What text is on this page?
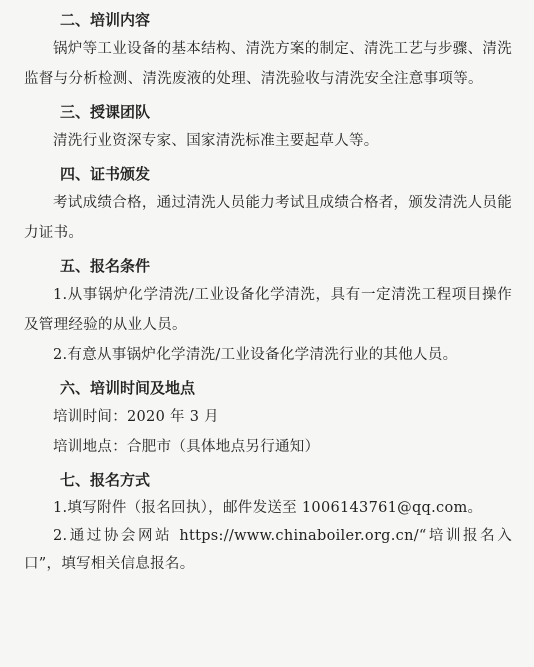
二、培训内容

锅炉等工业设备的基本结构、清洗方案的制定、清洗工艺与步骤、清洗监督与分析检测、清洗废液的处理、清洗验收与清洗安全注意事项等。

三、授课团队

清洗行业资深专家、国家清洗标准主要起草人等。

四、证书颁发

考试成绩合格，通过清洗人员能力考试且成绩合格者，颁发清洗人员能力证书。

五、报名条件

1.从事锅炉化学清洗/工业设备化学清洗，具有一定清洗工程项目操作及管理经验的从业人员。

2.有意从事锅炉化学清洗/工业设备化学清洗行业的其他人员。

六、培训时间及地点

培训时间：2020 年 3 月

培训地点：合肥市（具体地点另行通知）

七、报名方式

1.填写附件（报名回执），邮件发送至 1006143761@qq.com。

2.通过协会网站 https://www.chinaboiler.org.cn/“培训报名入口”，填写相关信息报名。
